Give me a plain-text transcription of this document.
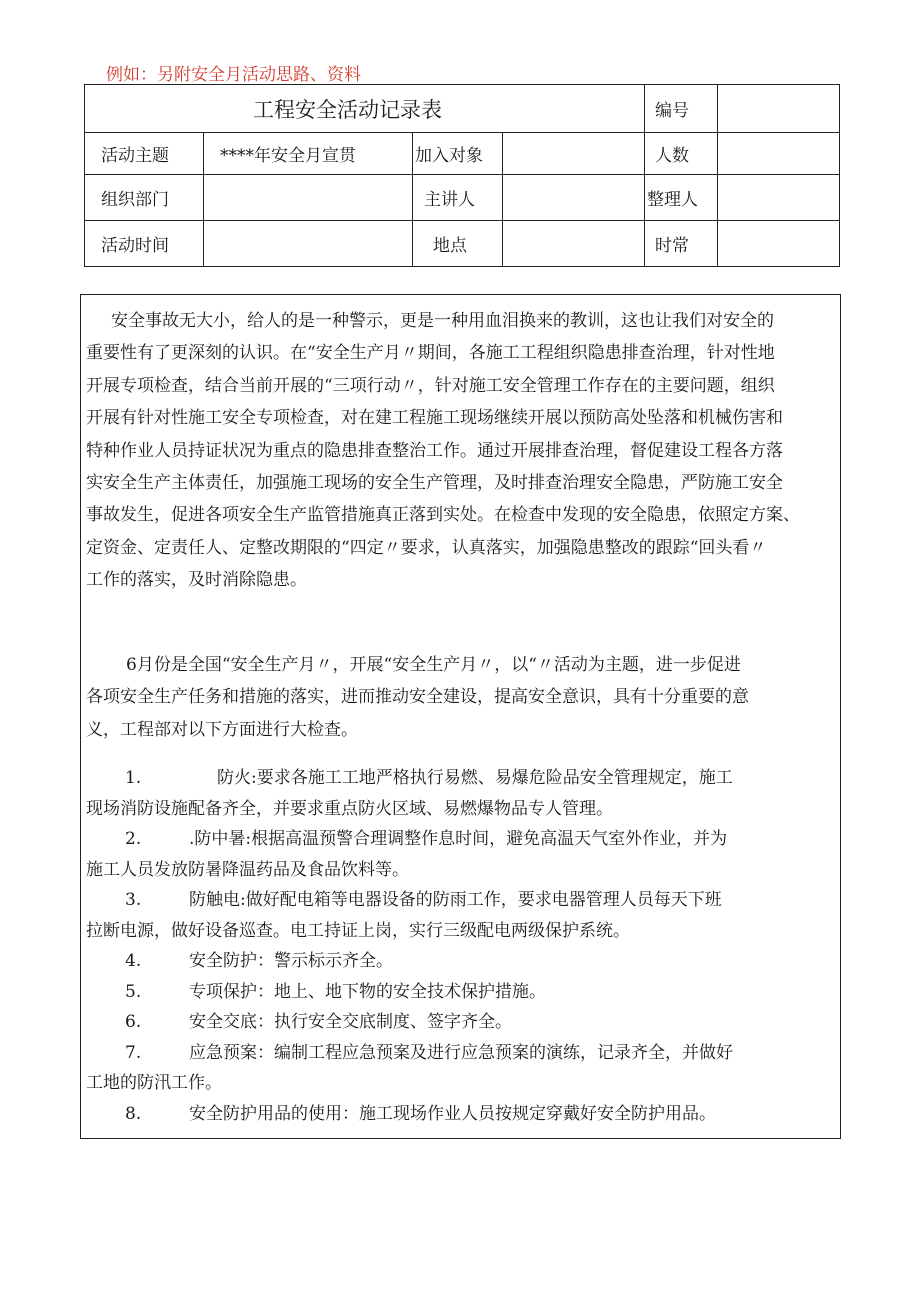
例如：另附安全月活动思路、资料
工程安全活动记录表				编号	
活动主题	****年安全月宣贯	加入对象		人数	
组织部门		主讲人		整理人	
活动时间		地点		时常	
安全事故无大小，给人的是一种警示，更是一种用血泪换来的教训，这也让我们对安全的
重要性有了更深刻的认识。在“安全生产月〃期间，各施工工程组织隐患排查治理，针对性地
开展专项检查，结合当前开展的“三项行动〃，针对施工安全管理工作存在的主要问题，组织
开展有针对性施工安全专项检查，对在建工程施工现场继续开展以预防高处坠落和机械伤害和
特种作业人员持证状况为重点的隐患排查整治工作。通过开展排查治理，督促建设工程各方落
实安全生产主体责任，加强施工现场的安全生产管理，及时排查治理安全隐患，严防施工安全
事故发生，促进各项安全生产监管措施真正落到实处。在检查中发现的安全隐患，依照定方案、
定资金、定责任人、定整改期限的“四定〃要求，认真落实，加强隐患整改的跟踪“回头看〃
工作的落实，及时消除隐患。
6月份是全国“安全生产月〃，开展“安全生产月〃，以“〃活动为主题，进一步促进
各项安全生产任务和措施的落实，进而推动安全建设，提高安全意识，具有十分重要的意
义，工程部对以下方面进行大检查。
1.	防火:要求各施工工地严格执行易燃、易爆危险品安全管理规定，施工
现场消防设施配备齐全，并要求重点防火区域、易燃爆物品专人管理。
2.	.防中暑:根据高温预警合理调整作息时间，避免高温天气室外作业，并为
施工人员发放防暑降温药品及食品饮料等。
3.	防触电:做好配电箱等电器设备的防雨工作，要求电器管理人员每天下班
拉断电源，做好设备巡查。电工持证上岗，实行三级配电两级保护系统。
4.	安全防护：警示标示齐全。
5.	专项保护：地上、地下物的安全技术保护措施。
6.	安全交底：执行安全交底制度、签字齐全。
7.	应急预案：编制工程应急预案及进行应急预案的演练，记录齐全，并做好
工地的防汛工作。
8.	安全防护用品的使用：施工现场作业人员按规定穿戴好安全防护用品。
